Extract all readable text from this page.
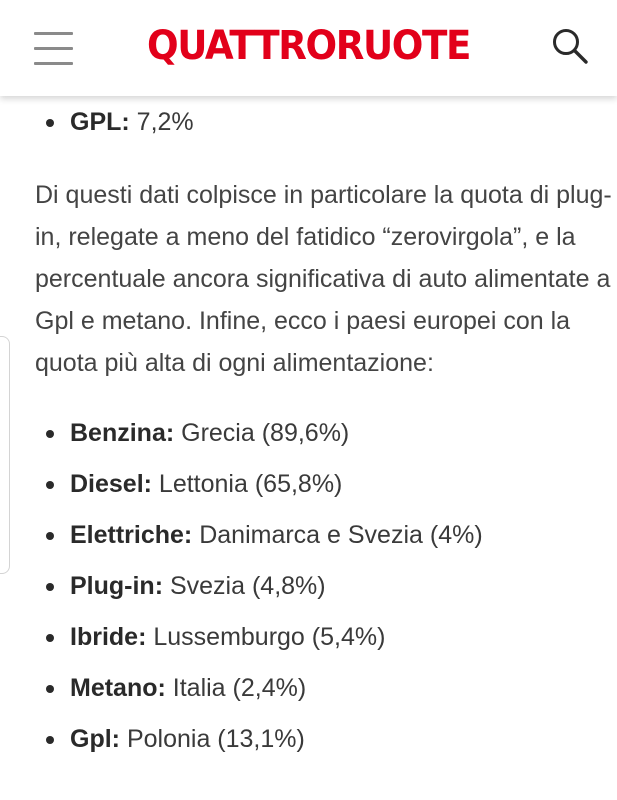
QUATTRORUOTE
GPL: 7,2%

Di questi dati colpisce in particolare la quota di plug-
in, relegate a meno del fatidico “zerovirgola”, e la
percentuale ancora significativa di auto alimentate a
Gpl e metano. Infine, ecco i paesi europei con la
quota più alta di ogni alimentazione:

Benzina: Grecia (89,6%)
Diesel: Lettonia (65,8%)
Elettriche: Danimarca e Svezia (4%)
Plug-in: Svezia (4,8%)
Ibride: Lussemburgo (5,4%)
Metano: Italia (2,4%)
Gpl: Polonia (13,1%)
